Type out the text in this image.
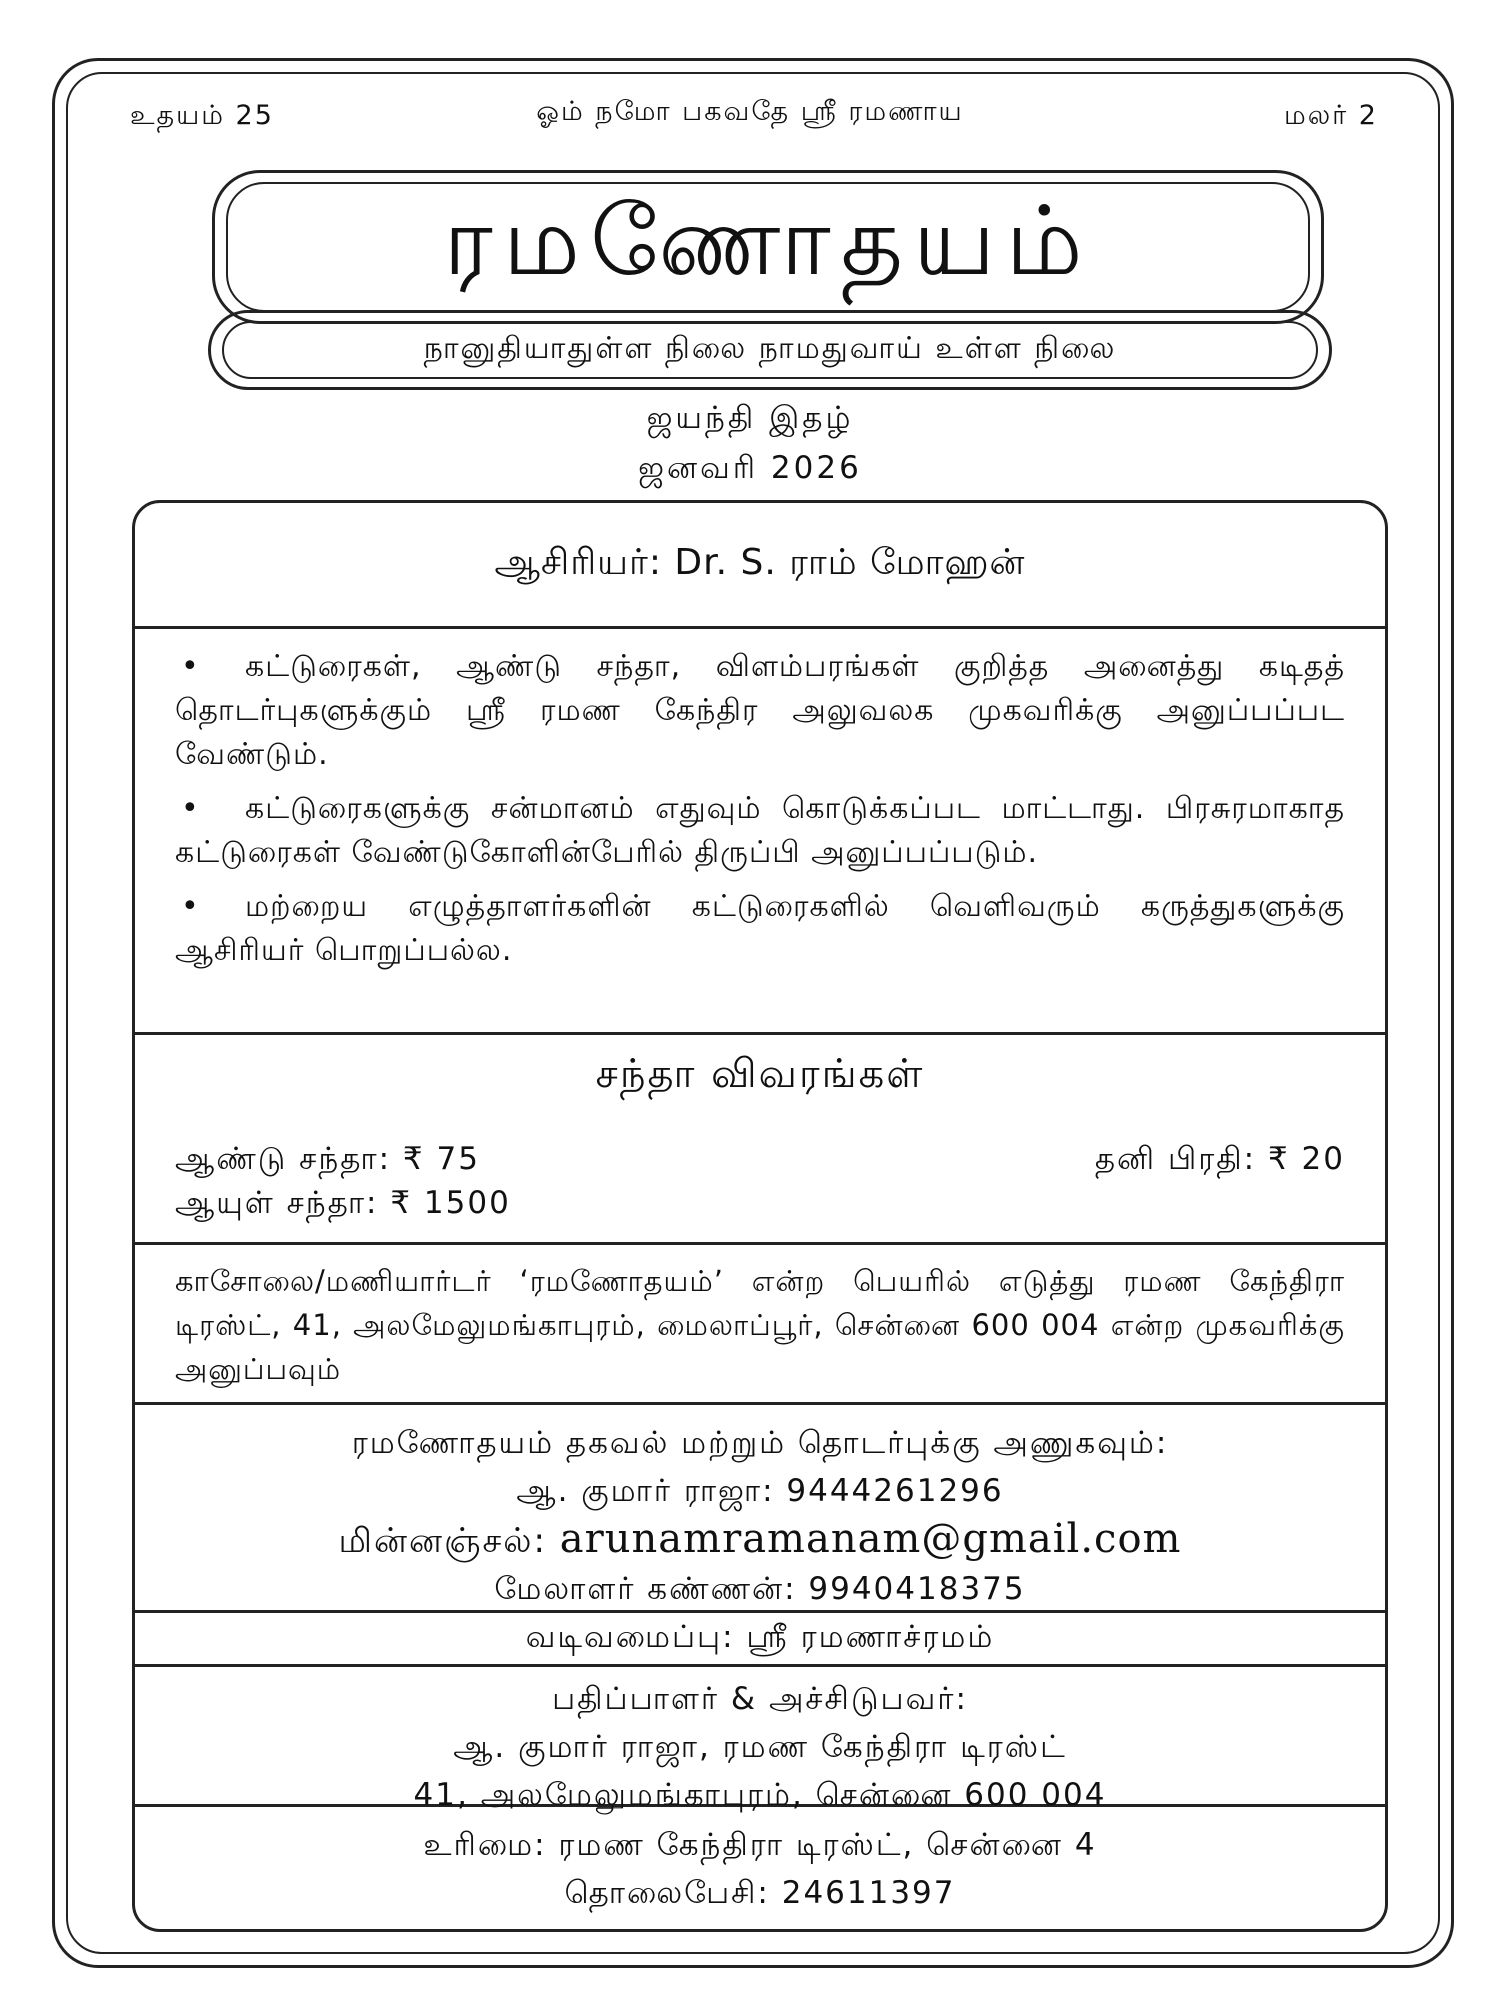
உதயம் 25	ஓம் நமோ பகவதே ஸ்ரீ ரமணாய	மலர் 2
ரமணோதயம்
நானுதியாதுள்ள நிலை நாமதுவாய் உள்ள நிலை
ஜயந்தி இதழ்
ஜனவரி 2026
ஆசிரியர்: Dr. S. ராம் மோஹன்
• கட்டுரைகள், ஆண்டு சந்தா, விளம்பரங்கள் குறித்த அனைத்து கடிதத் தொடர்புகளுக்கும் ஸ்ரீ ரமண கேந்திர அலுவலக முகவரிக்கு அனுப்பப்பட வேண்டும்.
• கட்டுரைகளுக்கு சன்மானம் எதுவும் கொடுக்கப்பட மாட்டாது. பிரசுரமாகாத கட்டுரைகள் வேண்டுகோளின்பேரில் திருப்பி அனுப்பப்படும்.
• மற்றைய எழுத்தாளர்களின் கட்டுரைகளில் வெளிவரும் கருத்துகளுக்கு ஆசிரியர் பொறுப்பல்ல.
சந்தா விவரங்கள்
ஆண்டு சந்தா: ₹ 75
ஆயுள் சந்தா: ₹ 1500
தனி பிரதி: ₹ 20
காசோலை/மணியார்டர் ‘ரமணோதயம்’ என்ற பெயரில் எடுத்து ரமண கேந்திரா டிரஸ்ட், 41, அலமேலுமங்காபுரம், மைலாப்பூர், சென்னை 600 004 என்ற முகவரிக்கு அனுப்பவும்
ரமணோதயம் தகவல் மற்றும் தொடர்புக்கு அணுகவும்:
ஆ. குமார் ராஜா: 9444261296
மின்னஞ்சல்: arunamramanam@gmail.com
மேலாளர் கண்ணன்: 9940418375
வடிவமைப்பு: ஸ்ரீ ரமணாச்ரமம்
பதிப்பாளர் & அச்சிடுபவர்:
ஆ. குமார் ராஜா, ரமண கேந்திரா டிரஸ்ட்
41, அலமேலுமங்காபுரம், சென்னை 600 004
உரிமை: ரமண கேந்திரா டிரஸ்ட், சென்னை 4
தொலைபேசி: 24611397
